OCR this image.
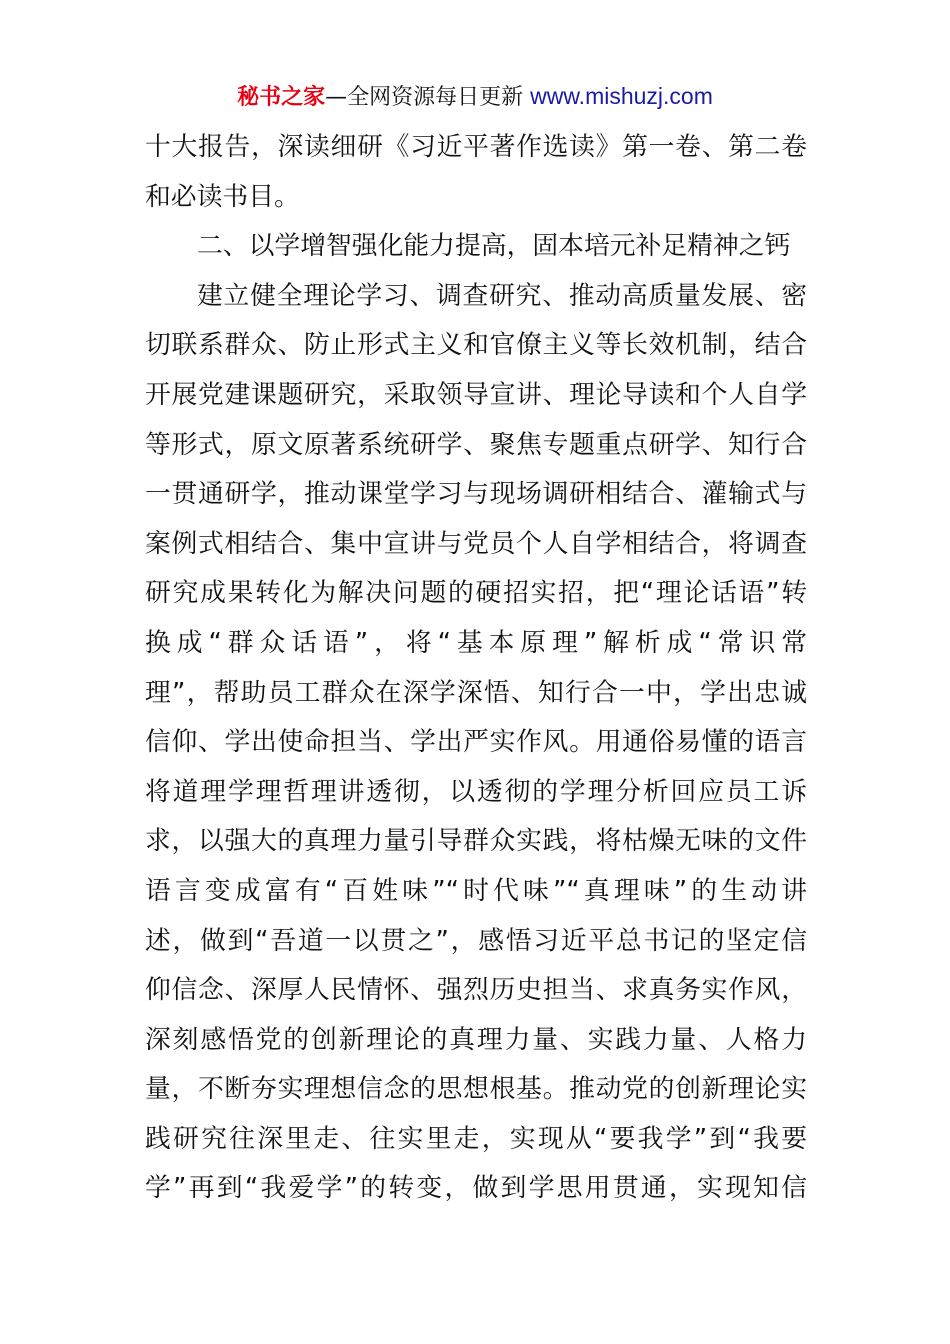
秘书之家—全网资源每日更新 www.mishuzj.com
十大报告，深读细研《习近平著作选读》第一卷、第二卷
和必读书目。
二、以学增智强化能力提高，固本培元补足精神之钙
建立健全理论学习、调查研究、推动高质量发展、密
切联系群众、防止形式主义和官僚主义等长效机制，结合
开展党建课题研究，采取领导宣讲、理论导读和个人自学
等形式，原文原著系统研学、聚焦专题重点研学、知行合
一贯通研学，推动课堂学习与现场调研相结合、灌输式与
案例式相结合、集中宣讲与党员个人自学相结合，将调查
研究成果转化为解决问题的硬招实招，把“理论话语”转
换成“群众话语”，将“基本原理”解析成“常识常
理”，帮助员工群众在深学深悟、知行合一中，学出忠诚
信仰、学出使命担当、学出严实作风。用通俗易懂的语言
将道理学理哲理讲透彻，以透彻的学理分析回应员工诉
求，以强大的真理力量引导群众实践，将枯燥无味的文件
语言变成富有“百姓味”“时代味”“真理味”的生动讲
述，做到“吾道一以贯之”，感悟习近平总书记的坚定信
仰信念、深厚人民情怀、强烈历史担当、求真务实作风，
深刻感悟党的创新理论的真理力量、实践力量、人格力
量，不断夯实理想信念的思想根基。推动党的创新理论实
践研究往深里走、往实里走，实现从“要我学”到“我要
学”再到“我爱学”的转变，做到学思用贯通，实现知信
